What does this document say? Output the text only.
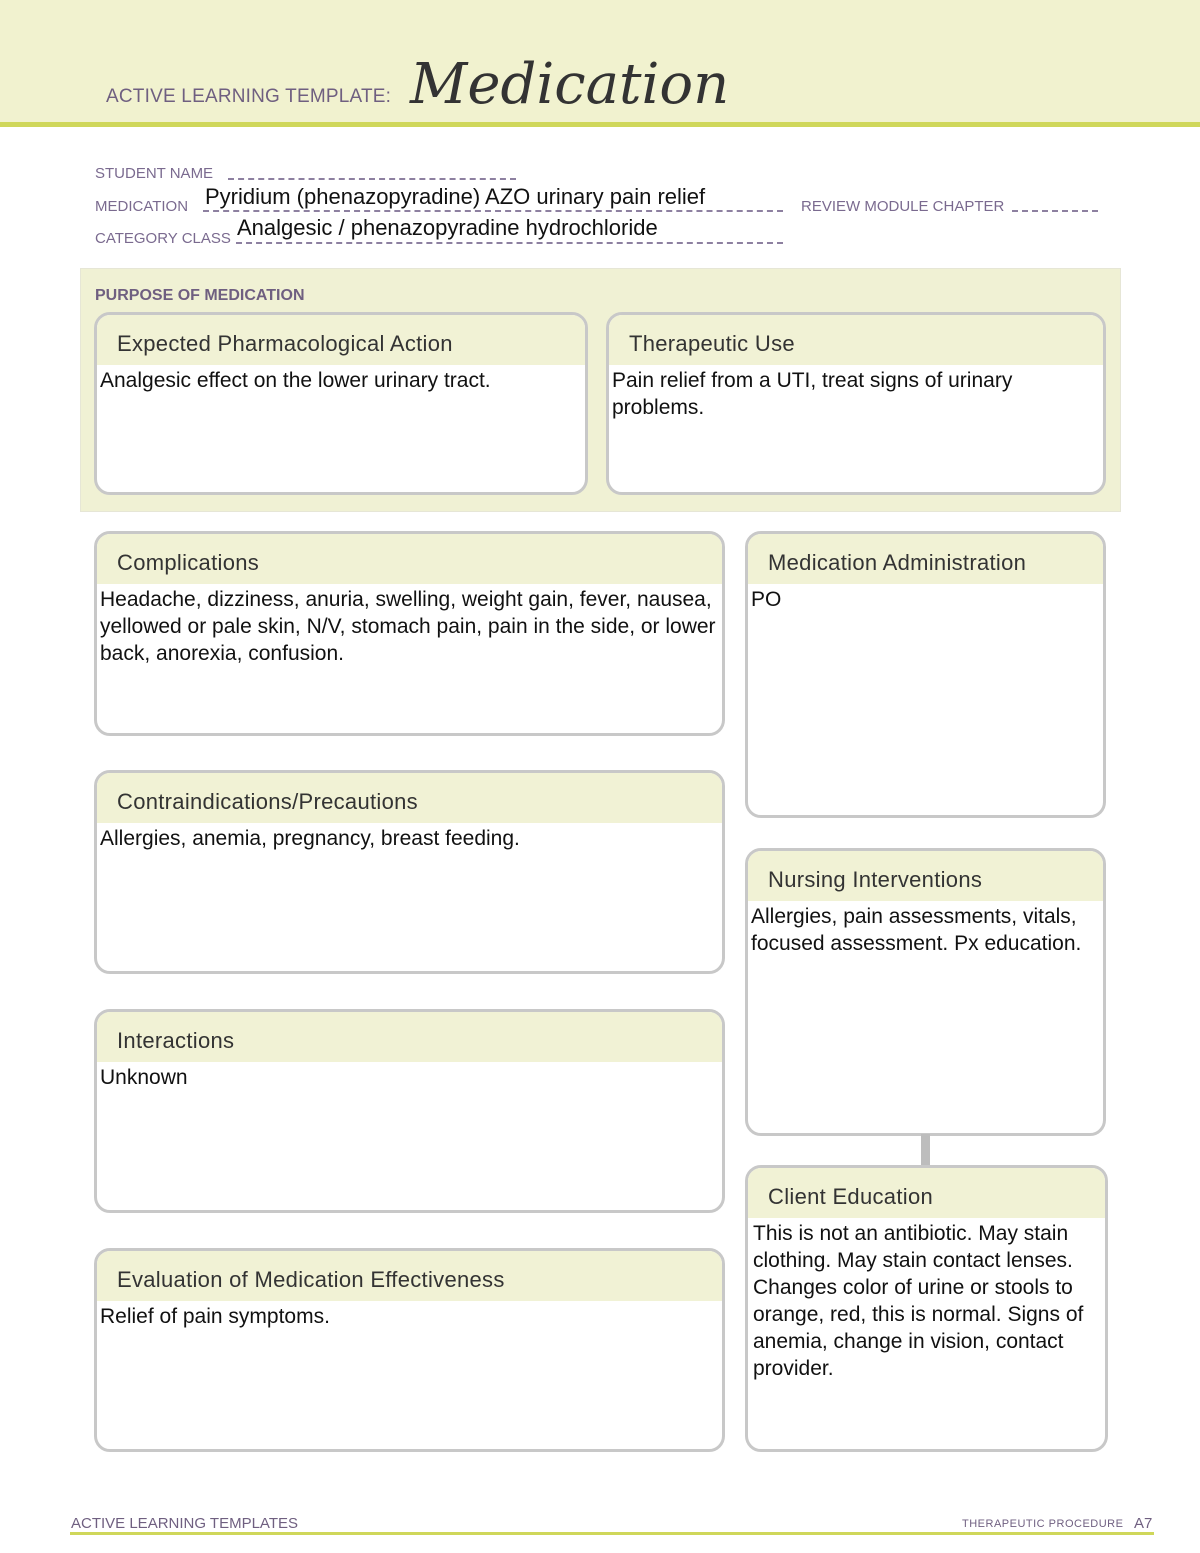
ACTIVE LEARNING TEMPLATE: Medication
STUDENT NAME
MEDICATION Pyridium (phenazopyradine) AZO urinary pain relief	REVIEW MODULE CHAPTER
CATEGORY CLASS Analgesic / phenazopyradine hydrochloride
PURPOSE OF MEDICATION
Expected Pharmacological Action
Analgesic effect on the lower urinary tract.
Therapeutic Use
Pain relief from a UTI, treat signs of urinary problems.
Complications
Headache, dizziness, anuria, swelling, weight gain, fever, nausea, yellowed or pale skin, N/V, stomach pain, pain in the side, or lower back, anorexia, confusion.
Medication Administration
PO
Contraindications/Precautions
Allergies, anemia, pregnancy, breast feeding.
Nursing Interventions
Allergies, pain assessments, vitals, focused assessment. Px education.
Interactions
Unknown
Client Education
This is not an antibiotic. May stain clothing. May stain contact lenses. Changes color of urine or stools to orange, red, this is normal. Signs of anemia, change in vision, contact provider.
Evaluation of Medication Effectiveness
Relief of pain symptoms.
ACTIVE LEARNING TEMPLATES	THERAPEUTIC PROCEDURE A7
